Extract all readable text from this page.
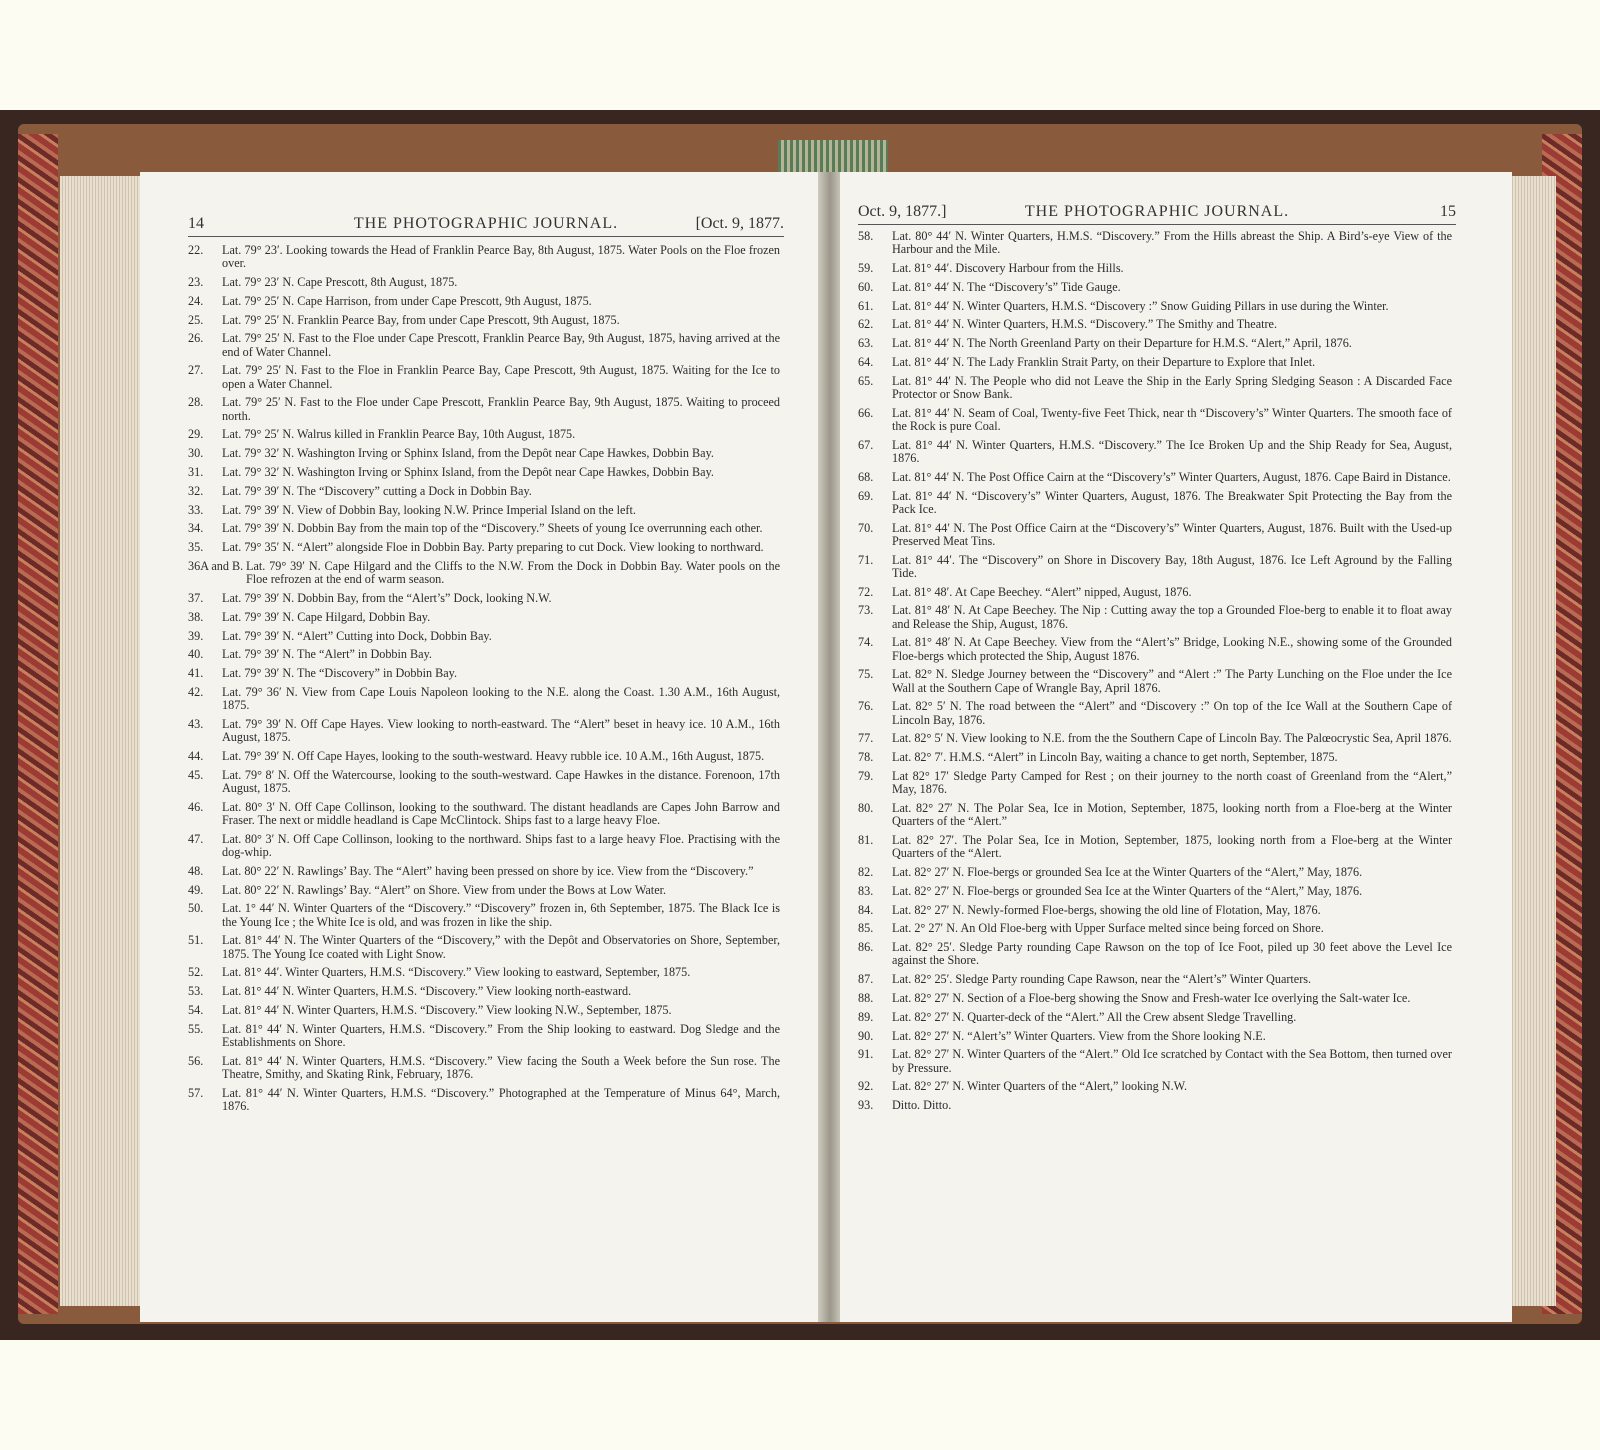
14	THE PHOTOGRAPHIC JOURNAL.	[Oct. 9, 1877.
22. Lat. 79° 23′. Looking towards the Head of Franklin Pearce Bay, 8th August, 1875. Water Pools on the Floe frozen over.
23. Lat. 79° 23′ N. Cape Prescott, 8th August, 1875.
24. Lat. 79° 25′ N. Cape Harrison, from under Cape Prescott, 9th August, 1875.
25. Lat. 79° 25′ N. Franklin Pearce Bay, from under Cape Prescott, 9th August, 1875.
26. Lat. 79° 25′ N. Fast to the Floe under Cape Prescott, Franklin Pearce Bay, 9th August, 1875, having arrived at the end of Water Channel.
27. Lat. 79° 25′ N. Fast to the Floe in Franklin Pearce Bay, Cape Prescott, 9th August, 1875. Waiting for the Ice to open a Water Channel.
28. Lat. 79° 25′ N. Fast to the Floe under Cape Prescott, Franklin Pearce Bay, 9th August, 1875. Waiting to proceed north.
29. Lat. 79° 25′ N. Walrus killed in Franklin Pearce Bay, 10th August, 1875.
30. Lat. 79° 32′ N. Washington Irving or Sphinx Island, from the Depôt near Cape Hawkes, Dobbin Bay.
31. Lat. 79° 32′ N. Washington Irving or Sphinx Island, from the Depôt near Cape Hawkes, Dobbin Bay.
32. Lat. 79° 39′ N. The “Discovery” cutting a Dock in Dobbin Bay.
33. Lat. 79° 39′ N. View of Dobbin Bay, looking N.W. Prince Imperial Island on the left.
34. Lat. 79° 39′ N. Dobbin Bay from the main top of the “Discovery.” Sheets of young Ice overrunning each other.
35. Lat. 79° 35′ N. “Alert” alongside Floe in Dobbin Bay. Party preparing to cut Dock. View looking to northward.
36A and B. Lat. 79° 39′ N. Cape Hilgard and the Cliffs to the N.W. From the Dock in Dobbin Bay. Water pools on the Floe refrozen at the end of warm season.
37. Lat. 79° 39′ N. Dobbin Bay, from the “Alert’s” Dock, looking N.W.
38. Lat. 79° 39′ N. Cape Hilgard, Dobbin Bay.
39. Lat. 79° 39′ N. “Alert” Cutting into Dock, Dobbin Bay.
40. Lat. 79° 39′ N. The “Alert” in Dobbin Bay.
41. Lat. 79° 39′ N. The “Discovery” in Dobbin Bay.
42. Lat. 79° 36′ N. View from Cape Louis Napoleon looking to the N.E. along the Coast. 1.30 A.M., 16th August, 1875.
43. Lat. 79° 39′ N. Off Cape Hayes. View looking to north-eastward. The “Alert” beset in heavy ice. 10 A.M., 16th August, 1875.
44. Lat. 79° 39′ N. Off Cape Hayes, looking to the south-westward. Heavy rubble ice. 10 A.M., 16th August, 1875.
45. Lat. 79° 8′ N. Off the Watercourse, looking to the south-westward. Cape Hawkes in the distance. Forenoon, 17th August, 1875.
46. Lat. 80° 3′ N. Off Cape Collinson, looking to the southward. The distant headlands are Capes John Barrow and Fraser. The next or middle headland is Cape McClintock. Ships fast to a large heavy Floe.
47. Lat. 80° 3′ N. Off Cape Collinson, looking to the northward. Ships fast to a large heavy Floe. Practising with the dog-whip.
48. Lat. 80° 22′ N. Rawlings’ Bay. The “Alert” having been pressed on shore by ice. View from the “Discovery.”
49. Lat. 80° 22′ N. Rawlings’ Bay. “Alert” on Shore. View from under the Bows at Low Water.
50. Lat. 1° 44′ N. Winter Quarters of the “Discovery.” “Discovery” frozen in, 6th September, 1875. The Black Ice is the Young Ice ; the White Ice is old, and was frozen in like the ship.
51. Lat. 81° 44′ N. The Winter Quarters of the “Discovery,” with the Depôt and Observatories on Shore, September, 1875. The Young Ice coated with Light Snow.
52. Lat. 81° 44′. Winter Quarters, H.M.S. “Discovery.” View looking to eastward, September, 1875.
53. Lat. 81° 44′ N. Winter Quarters, H.M.S. “Discovery.” View looking north-eastward.
54. Lat. 81° 44′ N. Winter Quarters, H.M.S. “Discovery.” View looking N.W., September, 1875.
55. Lat. 81° 44′ N. Winter Quarters, H.M.S. “Discovery.” From the Ship looking to eastward. Dog Sledge and the Establishments on Shore.
56. Lat. 81° 44′ N. Winter Quarters, H.M.S. “Discovery.” View facing the South a Week before the Sun rose. The Theatre, Smithy, and Skating Rink, February, 1876.
57. Lat. 81° 44′ N. Winter Quarters, H.M.S. “Discovery.” Photographed at the Temperature of Minus 64°, March, 1876.
Oct. 9, 1877.]	THE PHOTOGRAPHIC JOURNAL.	15
58. Lat. 80° 44′ N. Winter Quarters, H.M.S. “Discovery.” From the Hills abreast the Ship. A Bird’s-eye View of the Harbour and the Mile.
59. Lat. 81° 44′. Discovery Harbour from the Hills.
60. Lat. 81° 44′ N. The “Discovery’s” Tide Gauge.
61. Lat. 81° 44′ N. Winter Quarters, H.M.S. “Discovery :” Snow Guiding Pillars in use during the Winter.
62. Lat. 81° 44′ N. Winter Quarters, H.M.S. “Discovery.” The Smithy and Theatre.
63. Lat. 81° 44′ N. The North Greenland Party on their Departure for H.M.S. “Alert,” April, 1876.
64. Lat. 81° 44′ N. The Lady Franklin Strait Party, on their Departure to Explore that Inlet.
65. Lat. 81° 44′ N. The People who did not Leave the Ship in the Early Spring Sledging Season : A Discarded Face Protector or Snow Bank.
66. Lat. 81° 44′ N. Seam of Coal, Twenty-five Feet Thick, near th “Discovery’s” Winter Quarters. The smooth face of the Rock is pure Coal.
67. Lat. 81° 44′ N. Winter Quarters, H.M.S. “Discovery.” The Ice Broken Up and the Ship Ready for Sea, August, 1876.
68. Lat. 81° 44′ N. The Post Office Cairn at the “Discovery’s” Winter Quarters, August, 1876. Cape Baird in Distance.
69. Lat. 81° 44′ N. “Discovery’s” Winter Quarters, August, 1876. The Breakwater Spit Protecting the Bay from the Pack Ice.
70. Lat. 81° 44′ N. The Post Office Cairn at the “Discovery’s” Winter Quarters, August, 1876. Built with the Used-up Preserved Meat Tins.
71. Lat. 81° 44′. The “Discovery” on Shore in Discovery Bay, 18th August, 1876. Ice Left Aground by the Falling Tide.
72. Lat. 81° 48′. At Cape Beechey. “Alert” nipped, August, 1876.
73. Lat. 81° 48′ N. At Cape Beechey. The Nip : Cutting away the top a Grounded Floe-berg to enable it to float away and Release the Ship, August, 1876.
74. Lat. 81° 48′ N. At Cape Beechey. View from the “Alert’s” Bridge, Looking N.E., showing some of the Grounded Floe-bergs which protected the Ship, August 1876.
75. Lat. 82° N. Sledge Journey between the “Discovery” and “Alert :” The Party Lunching on the Floe under the Ice Wall at the Southern Cape of Wrangle Bay, April 1876.
76. Lat. 82° 5′ N. The road between the “Alert” and “Discovery :” On top of the Ice Wall at the Southern Cape of Lincoln Bay, 1876.
77. Lat. 82° 5′ N. View looking to N.E. from the the Southern Cape of Lincoln Bay. The Palœocrystic Sea, April 1876.
78. Lat. 82° 7′. H.M.S. “Alert” in Lincoln Bay, waiting a chance to get north, September, 1875.
79. Lat 82° 17′ Sledge Party Camped for Rest ; on their journey to the north coast of Greenland from the “Alert,” May, 1876.
80. Lat. 82° 27′ N. The Polar Sea, Ice in Motion, September, 1875, looking north from a Floe-berg at the Winter Quarters of the “Alert.”
81. Lat. 82° 27′. The Polar Sea, Ice in Motion, September, 1875, looking north from a Floe-berg at the Winter Quarters of the “Alert.
82. Lat. 82° 27′ N. Floe-bergs or grounded Sea Ice at the Winter Quarters of the “Alert,” May, 1876.
83. Lat. 82° 27′ N. Floe-bergs or grounded Sea Ice at the Winter Quarters of the “Alert,” May, 1876.
84. Lat. 82° 27′ N. Newly-formed Floe-bergs, showing the old line of Flotation, May, 1876.
85. Lat. 2° 27′ N. An Old Floe-berg with Upper Surface melted since being forced on Shore.
86. Lat. 82° 25′. Sledge Party rounding Cape Rawson on the top of Ice Foot, piled up 30 feet above the Level Ice against the Shore.
87. Lat. 82° 25′. Sledge Party rounding Cape Rawson, near the “Alert’s” Winter Quarters.
88. Lat. 82° 27′ N. Section of a Floe-berg showing the Snow and Fresh-water Ice overlying the Salt-water Ice.
89. Lat. 82° 27′ N. Quarter-deck of the “Alert.” All the Crew absent Sledge Travelling.
90. Lat. 82° 27′ N. “Alert’s” Winter Quarters. View from the Shore looking N.E.
91. Lat. 82° 27′ N. Winter Quarters of the “Alert.” Old Ice scratched by Contact with the Sea Bottom, then turned over by Pressure.
92. Lat. 82° 27′ N. Winter Quarters of the “Alert,” looking N.W.
93. Ditto. Ditto.
